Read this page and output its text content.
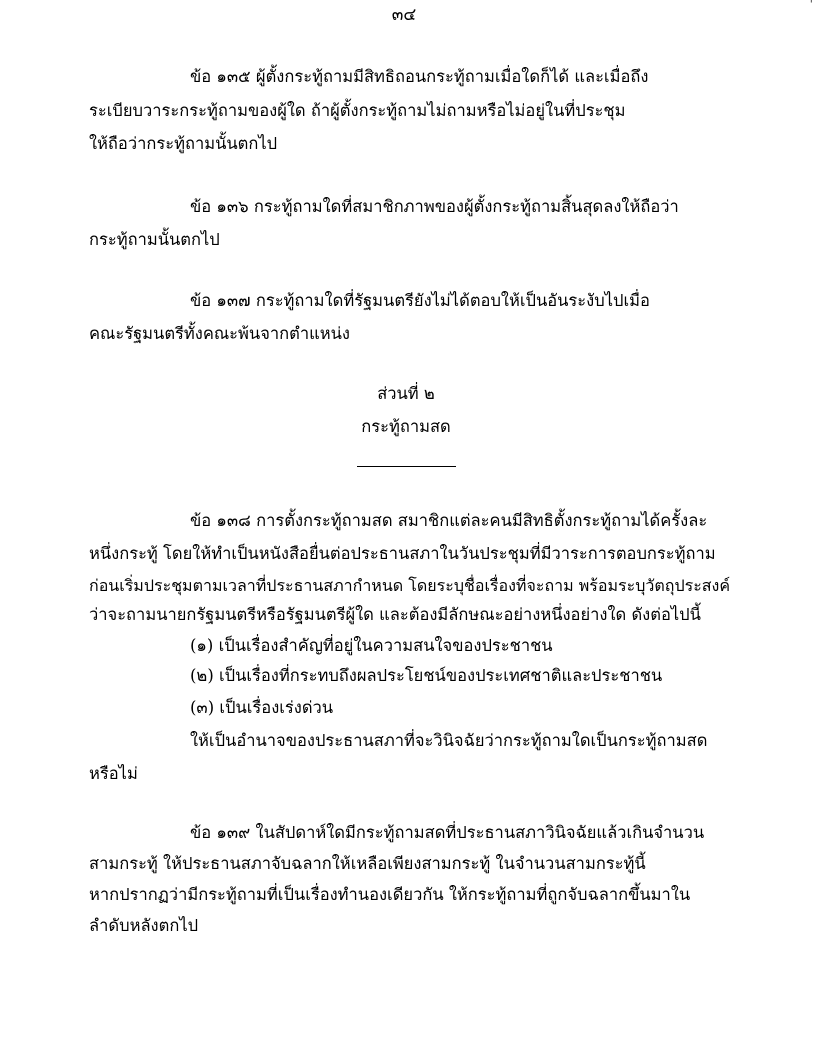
๓๔	'
ข้อ ๑๓๕ ผู้ตั้งกระทู้ถามมีสิทธิถอนกระทู้ถามเมื่อใดก็ได้ และเมื่อถึง
ระเบียบวาระกระทู้ถามของผู้ใด ถ้าผู้ตั้งกระทู้ถามไม่ถามหรือไม่อยู่ในที่ประชุม
ให้ถือว่ากระทู้ถามนั้นตกไป
ข้อ ๑๓๖ กระทู้ถามใดที่สมาชิกภาพของผู้ตั้งกระทู้ถามสิ้นสุดลงให้ถือว่า
กระทู้ถามนั้นตกไป
ข้อ ๑๓๗ กระทู้ถามใดที่รัฐมนตรียังไม่ได้ตอบให้เป็นอันระงับไปเมื่อ
คณะรัฐมนตรีทั้งคณะพ้นจากตำแหน่ง
ส่วนที่ ๒
กระทู้ถามสด
ข้อ ๑๓๘ การตั้งกระทู้ถามสด สมาชิกแต่ละคนมีสิทธิตั้งกระทู้ถามได้ครั้งละ
หนึ่งกระทู้ โดยให้ทำเป็นหนังสือยื่นต่อประธานสภาในวันประชุมที่มีวาระการตอบกระทู้ถาม
ก่อนเริ่มประชุมตามเวลาที่ประธานสภากำหนด โดยระบุชื่อเรื่องที่จะถาม พร้อมระบุวัตถุประสงค์
ว่าจะถามนายกรัฐมนตรีหรือรัฐมนตรีผู้ใด และต้องมีลักษณะอย่างหนึ่งอย่างใด ดังต่อไปนี้
(๑) เป็นเรื่องสำคัญที่อยู่ในความสนใจของประชาชน
(๒) เป็นเรื่องที่กระทบถึงผลประโยชน์ของประเทศชาติและประชาชน
(๓) เป็นเรื่องเร่งด่วน
ให้เป็นอำนาจของประธานสภาที่จะวินิจฉัยว่ากระทู้ถามใดเป็นกระทู้ถามสด
หรือไม่
ข้อ ๑๓๙ ในสัปดาห์ใดมีกระทู้ถามสดที่ประธานสภาวินิจฉัยแล้วเกินจำนวน
สามกระทู้ ให้ประธานสภาจับฉลากให้เหลือเพียงสามกระทู้ ในจำนวนสามกระทู้นี้
หากปรากฏว่ามีกระทู้ถามที่เป็นเรื่องทำนองเดียวกัน ให้กระทู้ถามที่ถูกจับฉลากขึ้นมาใน
ลำดับหลังตกไป
